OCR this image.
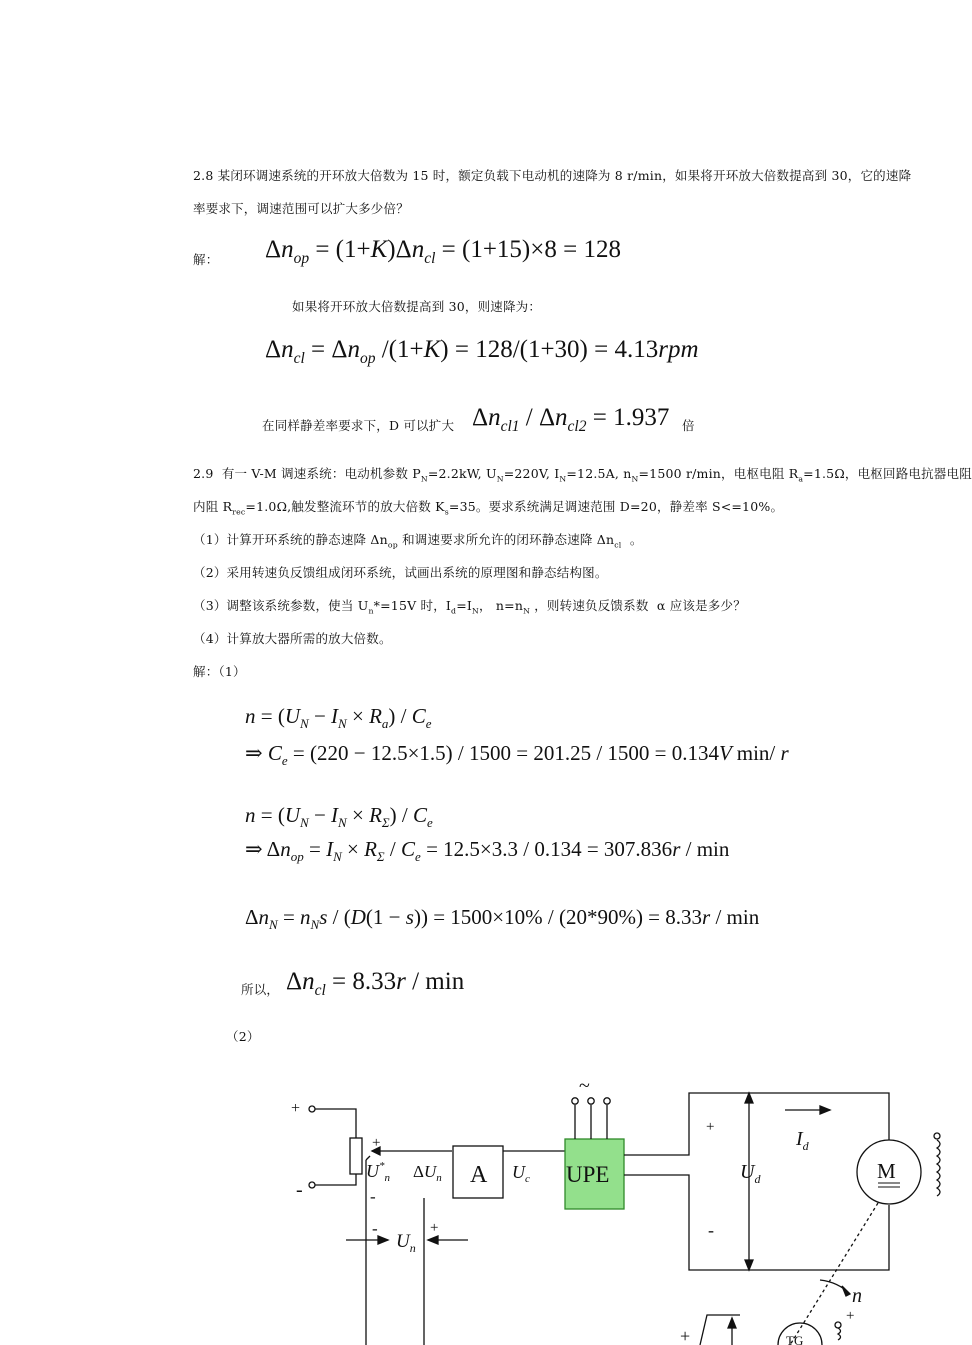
2.8 某闭环调速系统的开环放大倍数为 15 时，额定负载下电动机的速降为 8 r/min，如果将开环放大倍数提高到 30，它的速降
率要求下，调速范围可以扩大多少倍？
解： $\Delta n_{op} = (1+K)\Delta n_{cl} = (1+15)\times 8 = 128$
如果将开环放大倍数提高到 30，则速降为：
$\Delta n_{cl} = \Delta n_{op}$ /(1+K) = 128/(1+30) = 4.13rpm
在同样静差率要求下，D 可以扩大 $\Delta n_{cl1} / \Delta n_{cl2} = 1.937$ 倍
2.9  有一 V-M 调速系统：电动机参数 $P_N=2.2kW$, $U_N=220V$, $I_N=12.5A$, $n_N=1500$ r/min，电枢电阻 $R_a=1.5\Omega$，电枢回路电抗器电阻
内阻 $R_{rec}=1.0\Omega$,触发整流环节的放大倍数 $K_s=35$。要求系统满足调速范围 D=20，静差率 S<=10%。
（1）计算开环系统的静态速降 $\Delta n_{op}$ 和调速要求所允许的闭环静态速降 $\Delta n_{cl}$  。
（2）采用转速负反馈组成闭环系统，试画出系统的原理图和静态结构图。
（3）调整该系统参数，使当 $U_n*=15V$ 时，$I_d=I_N$， $n=n_N$ ，则转速负反馈系数  α 应该是多少？
（4）计算放大器所需的放大倍数。
解：（1）
$n = (U_N - I_N \times R_a) / C_e$
⇒ $C_e = (220 - 12.5\times 1.5) / 1500 = 201.25 / 1500 = 0.134V$ min/ r
$n = (U_N - I_N \times R_\Sigma) / C_e$
⇒ $\Delta n_{op} = I_N \times R_\Sigma / C_e = 12.5\times 3.3 / 0.134 = 307.836r / \min$
$\Delta n_N = n_Ns / (D(1 - s)) = 1500\times 10\% / (20*90\%) = 8.33r / \min$
所以， $\Delta n_{cl} = 8.33r / \min$
（2）
~
+
-
+
$U^*_n$ $\Delta U_n$ A $U_c$ UPE
+
-
$U_d$
$I_d$
M
-
-	+
$U_n$
n
+
+	TG
